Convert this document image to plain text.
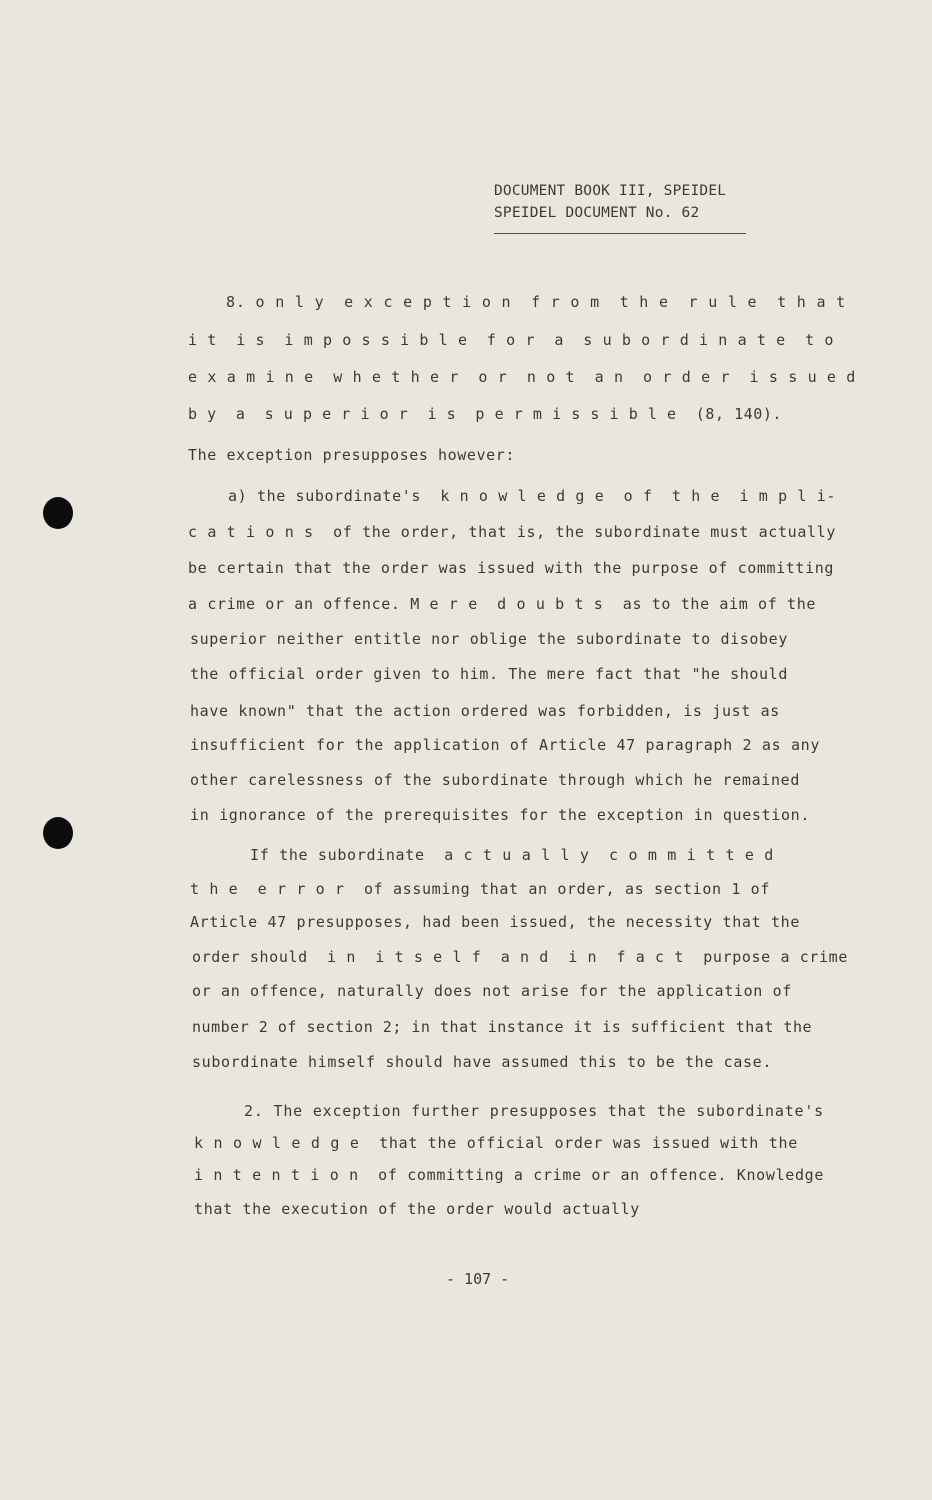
DOCUMENT BOOK III, SPEIDEL
SPEIDEL DOCUMENT No. 62
8. o n l y  e x c e p t i o n  f r o m  t h e  r u l e  t h a t
i t  i s  i m p o s s i b l e  f o r  a  s u b o r d i n a t e  t o
e x a m i n e  w h e t h e r  o r  n o t  a n  o r d e r  i s s u e d
b y  a  s u p e r i o r  i s  p e r m i s s i b l e  (8, 140).
The exception presupposes however:
a) the subordinate's  k n o w l e d g e  o f  t h e  i m p l i-
c a t i o n s  of the order, that is, the subordinate must actually
be certain that the order was issued with the purpose of committing
a crime or an offence. M e r e  d o u b t s  as to the aim of the
superior neither entitle nor oblige the subordinate to disobey
the official order given to him. The mere fact that "he should
have known" that the action ordered was forbidden, is just as
insufficient for the application of Article 47 paragraph 2 as any
other carelessness of the subordinate through which he remained
in ignorance of the prerequisites for the exception in question.
If the subordinate  a c t u a l l y  c o m m i t t e d
t h e  e r r o r  of assuming that an order, as section 1 of
Article 47 presupposes, had been issued, the necessity that the
order should  i n  i t s e l f  a n d  i n  f a c t  purpose a crime
or an offence, naturally does not arise for the application of
number 2 of section 2; in that instance it is sufficient that the
subordinate himself should have assumed this to be the case.
2. The exception further presupposes that the subordinate's
k n o w l e d g e  that the official order was issued with the
i n t e n t i o n  of committing a crime or an offence. Knowledge
that the execution of the order would actually
- 107 -
